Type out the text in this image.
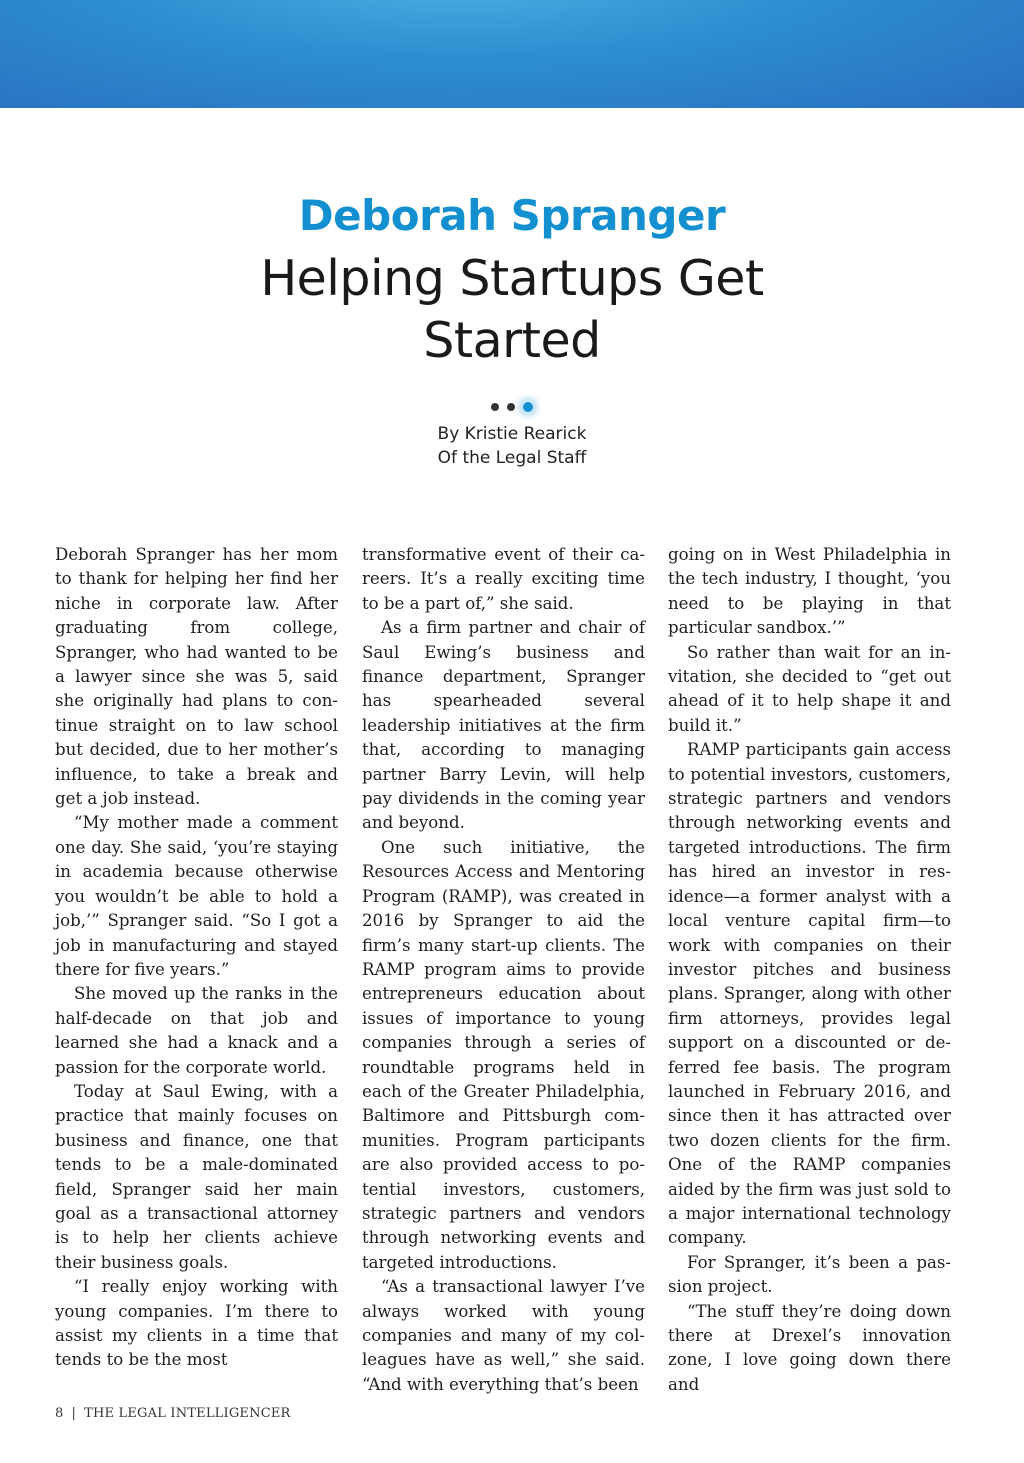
Deborah Spranger
Helping Startups Get Started
By Kristie Rearick
Of the Legal Staff

Deborah Spranger has her mom to thank for helping her find her niche in corporate law. After graduating from college, Spranger, who had wanted to be a lawyer since she was 5, said she originally had plans to continue straight on to law school but decided, due to her mother’s influence, to take a break and get a job instead.

“My mother made a comment one day. She said, ‘you’re staying in academia because otherwise you wouldn’t be able to hold a job,’” Spranger said. “So I got a job in manufacturing and stayed there for five years.”

She moved up the ranks in the half-decade on that job and learned she had a knack and a passion for the corporate world.

Today at Saul Ewing, with a practice that mainly focuses on business and finance, one that tends to be a male-dominated field, Spranger said her main goal as a transactional attorney is to help her clients achieve their business goals.

“I really enjoy working with young companies. I’m there to assist my clients in a time that tends to be the most

transformative event of their careers. It’s a really exciting time to be a part of,” she said.

As a firm partner and chair of Saul Ewing’s business and finance department, Spranger has spearheaded several leadership initiatives at the firm that, according to managing partner Barry Levin, will help pay dividends in the coming year and beyond.

One such initiative, the Resources Access and Mentoring Program (RAMP), was created in 2016 by Spranger to aid the firm’s many start-up clients. The RAMP program aims to provide entrepreneurs education about issues of importance to young companies through a series of roundtable programs held in each of the Greater Philadelphia, Baltimore and Pittsburgh communities. Program participants are also provided access to potential investors, customers, strategic partners and vendors through networking events and targeted introductions.

“As a transactional lawyer I’ve always worked with young companies and many of my colleagues have as well,” she said. “And with everything that’s been

going on in West Philadelphia in the tech industry, I thought, ‘you need to be playing in that particular sandbox.’”

So rather than wait for an invitation, she decided to “get out ahead of it to help shape it and build it.”

RAMP participants gain access to potential investors, customers, strategic partners and vendors through networking events and targeted introductions. The firm has hired an investor in residence—a former analyst with a local venture capital firm—to work with companies on their investor pitches and business plans. Spranger, along with other firm attorneys, provides legal support on a discounted or deferred fee basis. The program launched in February 2016, and since then it has attracted over two dozen clients for the firm. One of the RAMP companies aided by the firm was just sold to a major international technology company.

For Spranger, it’s been a passion project.

“The stuff they’re doing down there at Drexel’s innovation zone, I love going down there and

8 | THE LEGAL INTELLIGENCER
